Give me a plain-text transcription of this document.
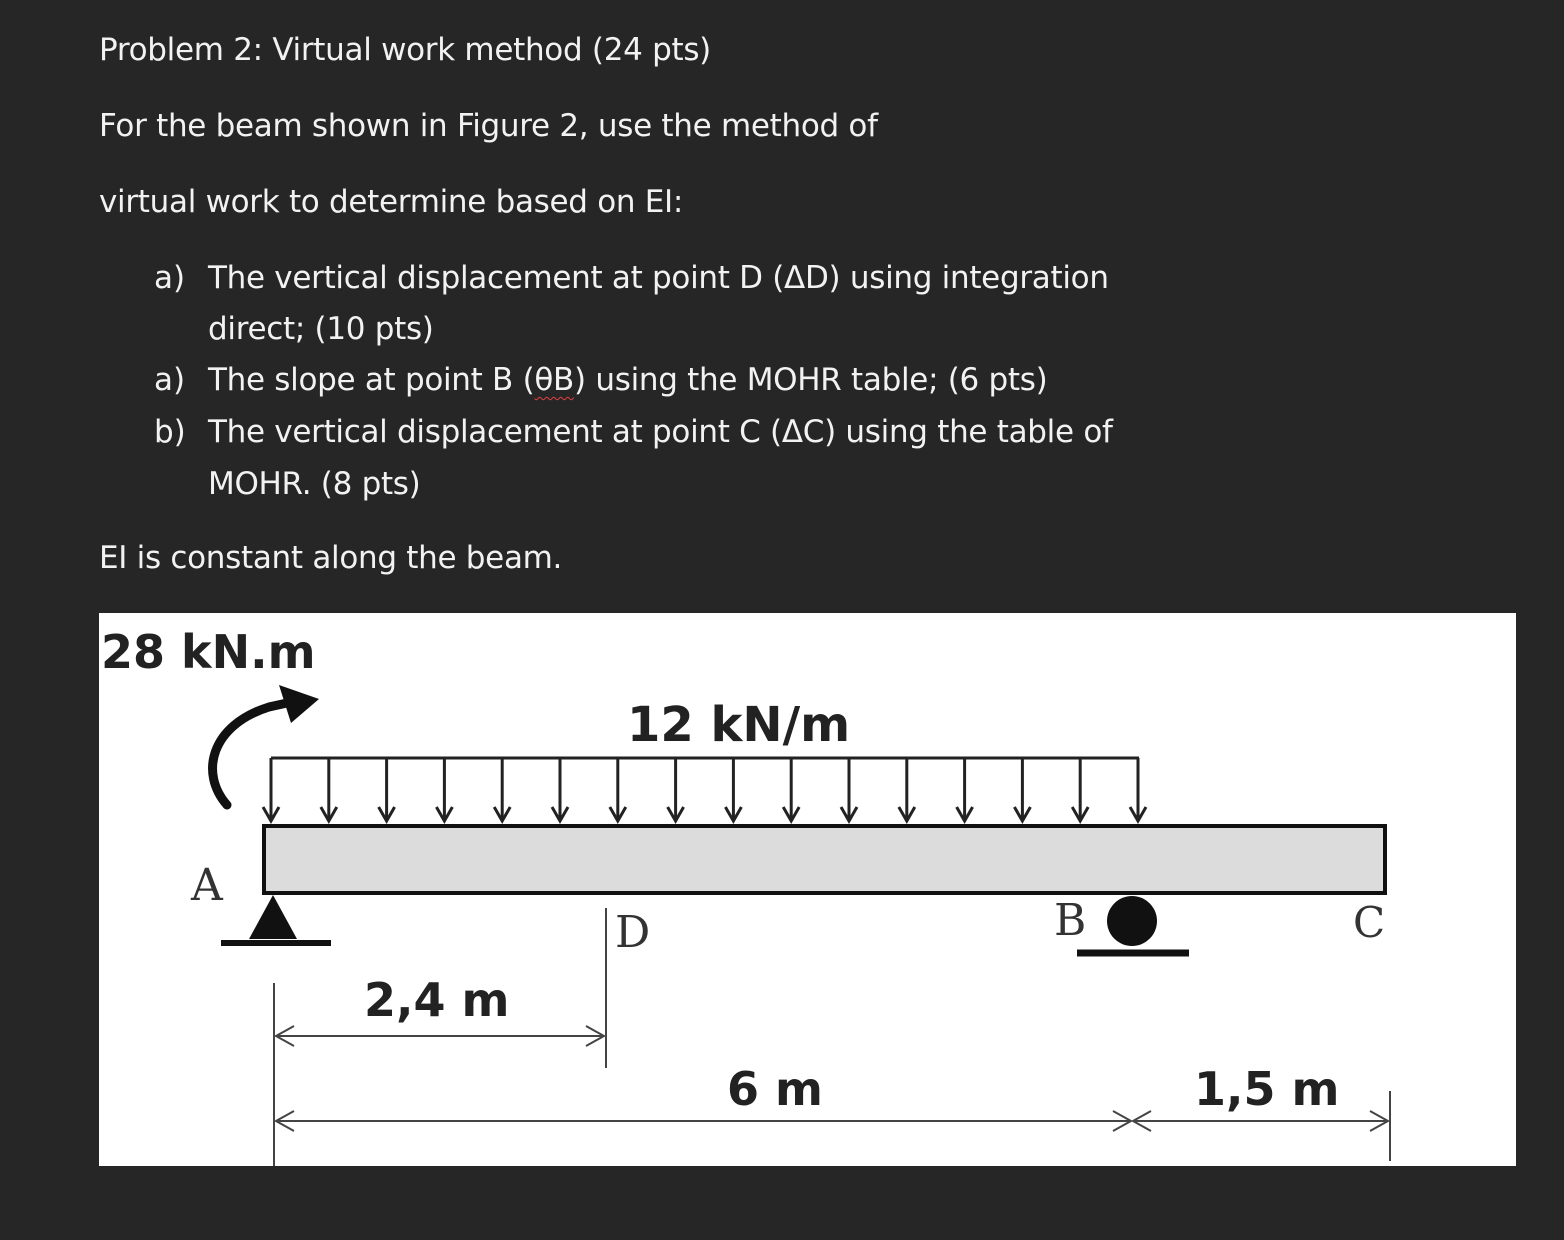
Problem 2: Virtual work method (24 pts)
For the beam shown in Figure 2, use the method of
virtual work to determine based on EI:
a) The vertical displacement at point D (ΔD) using integration
direct; (10 pts)
a) The slope at point B (θB) using the MOHR table; (6 pts)
b) The vertical displacement at point C (ΔC) using the table of
MOHR. (8 pts)
EI is constant along the beam.
28 kN.m
12 kN/m
A
D	B	C
2,4 m
6 m	1,5 m
